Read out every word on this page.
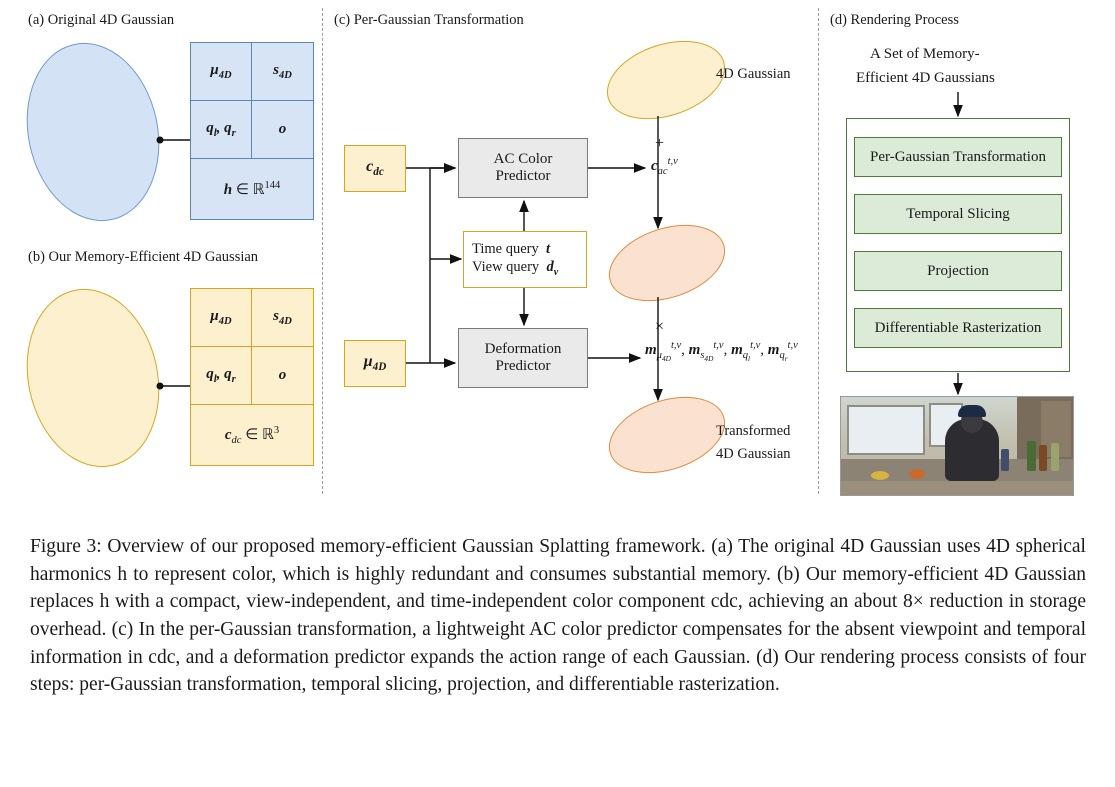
(a) Original 4D Gaussian
(b) Our Memory-Efficient 4D Gaussian
(c) Per-Gaussian Transformation	(d) Rendering Process
$\mu_{4D}$	$s_{4D}$
$q_l$, $q_r$	o
h ∈ ℝ$^{144}$
$\mu_{4D}$	$s_{4D}$
$q_l$, $q_r$	o
$c_{dc}$ ∈ ℝ$^3$
$c_{dc}$
$\mu_{4D}$
AC Color
Predictor
Deformation
Predictor
Time query  t
View query  $d_v$
4D Gaussian
Transformed
4D Gaussian
+
$c_{ac}^{t,v}$
×
$m_{\mu_{4D}}^{t,v}$, $m_{s_{4D}}^{t,v}$, $m_{q_l}^{t,v}$, $m_{q_r}^{t,v}$
A Set of Memory-
Efficient 4D Gaussians
Per-Gaussian Transformation
Temporal Slicing
Projection
Differentiable Rasterization
Figure 3: Overview of our proposed memory-efficient Gaussian Splatting framework. (a) The original 4D Gaussian uses 4D spherical harmonics h to represent color, which is highly redundant and consumes substantial memory. (b) Our memory-efficient 4D Gaussian replaces h with a compact, view-independent, and time-independent color component cdc, achieving an about 8× reduction in storage overhead. (c) In the per-Gaussian transformation, a lightweight AC color predictor compensates for the absent viewpoint and temporal information in cdc, and a deformation predictor expands the action range of each Gaussian. (d) Our rendering process consists of four steps: per-Gaussian transformation, temporal slicing, projection, and differentiable rasterization.
